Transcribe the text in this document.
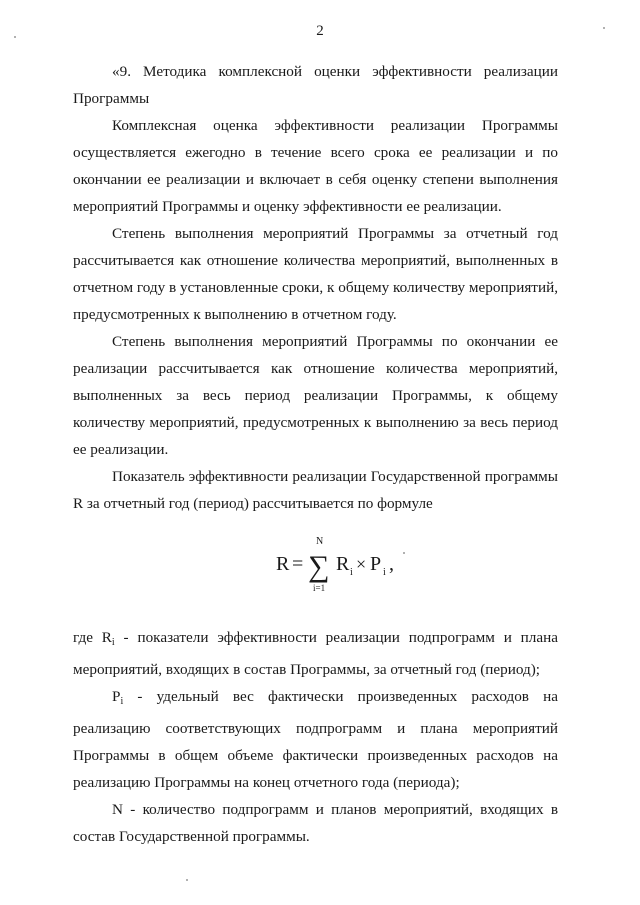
2

«9. Методика комплексной оценки эффективности реализации Программы

Комплексная оценка эффективности реализации Программы осуществляется ежегодно в течение всего срока ее реализации и по окончании ее реализации и включает в себя оценку степени выполнения мероприятий Программы и оценку эффективности ее реализации.

Степень выполнения мероприятий Программы за отчетный год рассчитывается как отношение количества мероприятий, выполненных в отчетном году в установленные сроки, к общему количеству мероприятий, предусмотренных к выполнению в отчетном году.

Степень выполнения мероприятий Программы по окончании ее реализации рассчитывается как отношение количества мероприятий, выполненных за весь период реализации Программы, к общему количеству мероприятий, предусмотренных к выполнению за весь период ее реализации.

Показатель эффективности реализации Государственной программы R за отчетный год (период) рассчитывается по формуле

R =
N
∑
i=1
R i × P i ,

где $R_i$ - показатели эффективности реализации подпрограмм и плана мероприятий, входящих в состав Программы, за отчетный год (период);

$P_i$ - удельный вес фактически произведенных расходов на реализацию соответствующих подпрограмм и плана мероприятий Программы в общем объеме фактически произведенных расходов на реализацию Программы на конец отчетного года (периода);

N - количество подпрограмм и планов мероприятий, входящих в состав Государственной программы.
